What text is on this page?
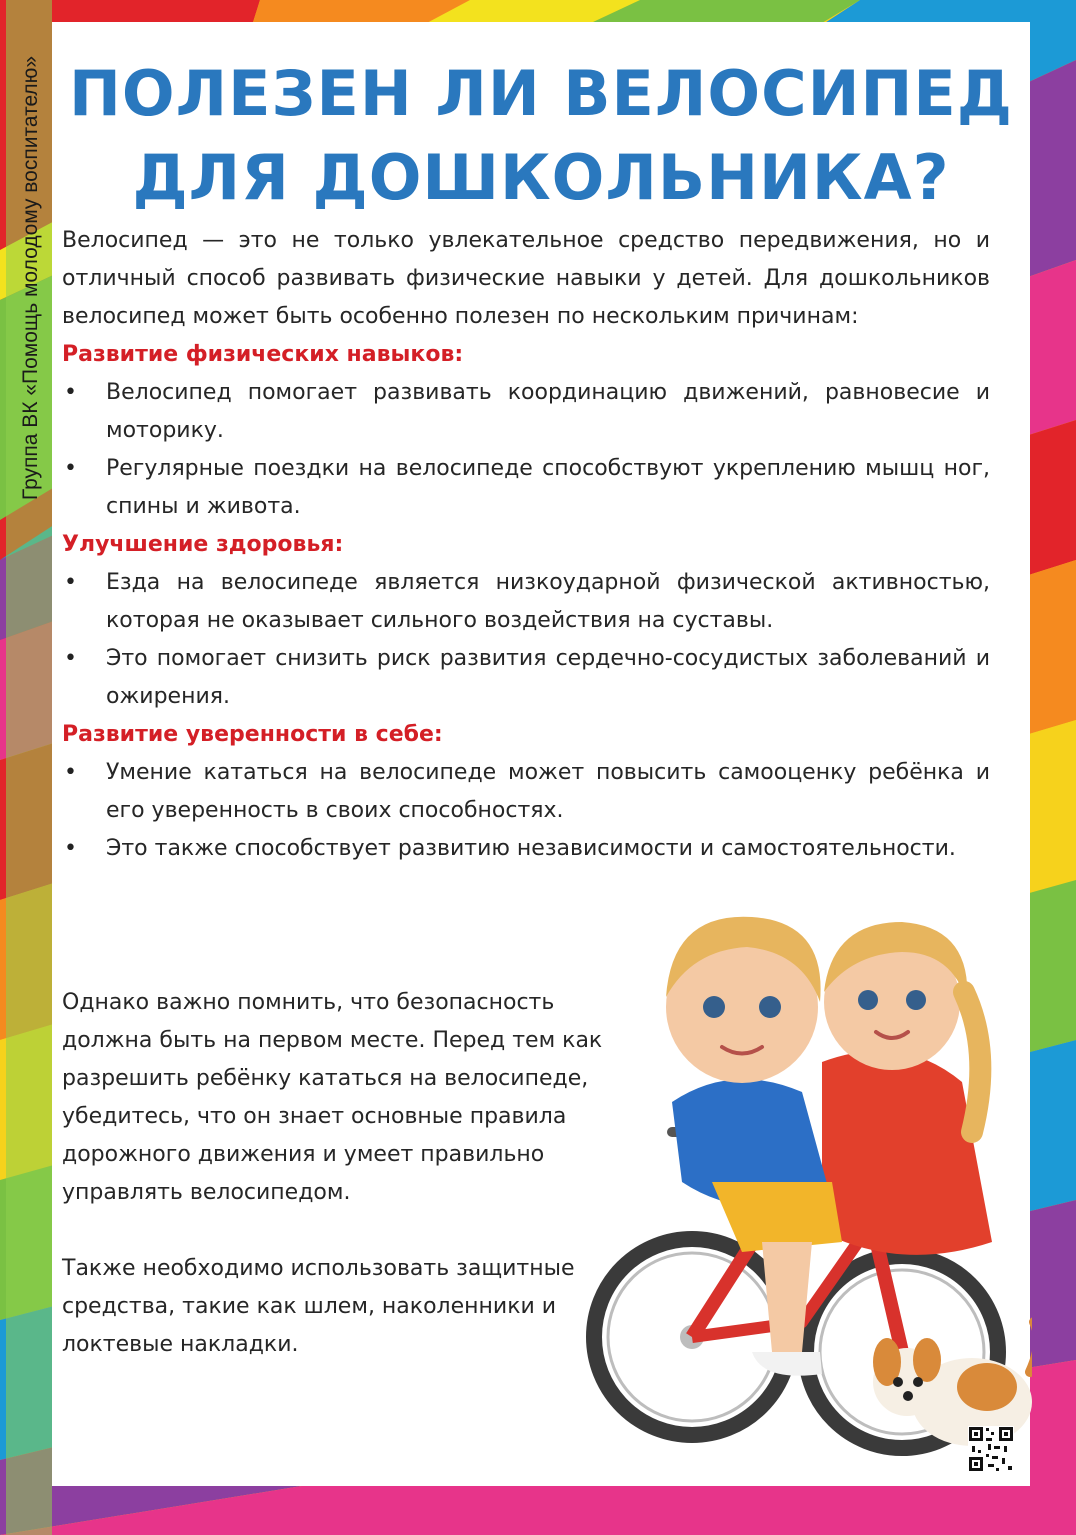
Группа ВК «Помощь молодому воспитателю» ПОЛЕЗЕН ЛИ ВЕЛОСИПЕД
ДЛЯ ДОШКОЛЬНИКА?

Велосипед — это не только увлекательное средство передвижения, но и отличный способ развивать физические навыки у детей. Для дошкольников велосипед может быть особенно полезен по нескольким причинам:

Развитие физических навыков:

• Велосипед помогает развивать координацию движений, равновесие и моторику.
• Регулярные поездки на велосипеде способствуют укреплению мышц ног, спины и живота.

Улучшение здоровья:

• Езда на велосипеде является низкоударной физической активностью, которая не оказывает сильного воздействия на суставы.
• Это помогает снизить риск развития сердечно-сосудистых заболеваний и ожирения.

Развитие уверенности в себе:

• Умение кататься на велосипеде может повысить самооценку ребёнка и его уверенность в своих способностях.
• Это также способствует развитию независимости и самостоятельности.

Однако важно помнить, что безопасность должна быть на первом месте. Перед тем как разрешить ребёнку кататься на велосипеде, убедитесь, что он знает основные правила дорожного движения и умеет правильно управлять велосипедом.

Также необходимо использовать защитные средства, такие как шлем, наколенники и локтевые накладки.
